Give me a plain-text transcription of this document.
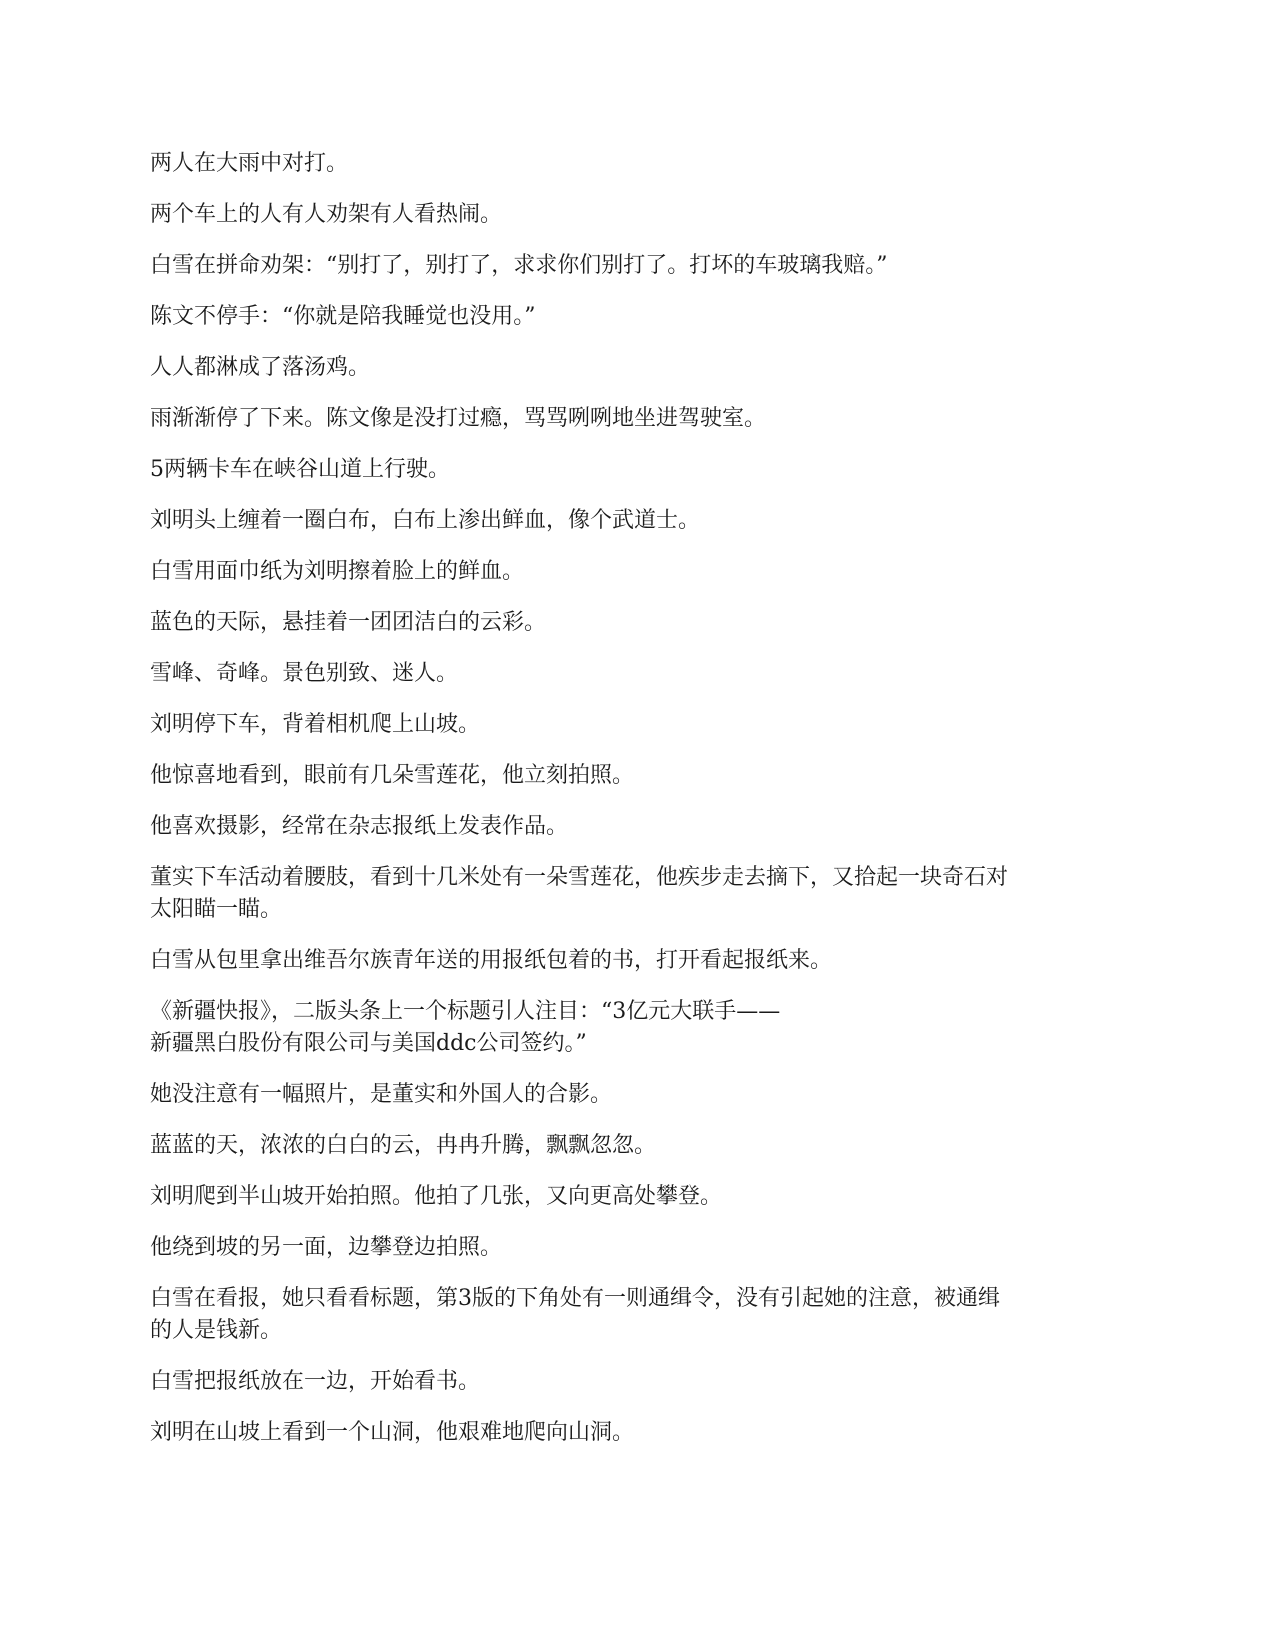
两人在大雨中对打。

两个车上的人有人劝架有人看热闹。

白雪在拼命劝架：“别打了，别打了，求求你们别打了。打坏的车玻璃我赔。”

陈文不停手：“你就是陪我睡觉也没用。”

人人都淋成了落汤鸡。

雨渐渐停了下来。陈文像是没打过瘾，骂骂咧咧地坐进驾驶室。

5两辆卡车在峡谷山道上行驶。

刘明头上缠着一圈白布，白布上渗出鲜血，像个武道士。

白雪用面巾纸为刘明擦着脸上的鲜血。

蓝色的天际，悬挂着一团团洁白的云彩。

雪峰、奇峰。景色别致、迷人。

刘明停下车，背着相机爬上山坡。

他惊喜地看到，眼前有几朵雪莲花，他立刻拍照。

他喜欢摄影，经常在杂志报纸上发表作品。

董实下车活动着腰肢，看到十几米处有一朵雪莲花，他疾步走去摘下，又拾起一块奇石对
太阳瞄一瞄。

白雪从包里拿出维吾尔族青年送的用报纸包着的书，打开看起报纸来。

《新疆快报》，二版头条上一个标题引人注目：“3亿元大联手——
新疆黑白股份有限公司与美国ddc公司签约。”

她没注意有一幅照片，是董实和外国人的合影。

蓝蓝的天，浓浓的白白的云，冉冉升腾，飘飘忽忽。

刘明爬到半山坡开始拍照。他拍了几张，又向更高处攀登。

他绕到坡的另一面，边攀登边拍照。

白雪在看报，她只看看标题，第3版的下角处有一则通缉令，没有引起她的注意，被通缉
的人是钱新。

白雪把报纸放在一边，开始看书。

刘明在山坡上看到一个山洞，他艰难地爬向山洞。
